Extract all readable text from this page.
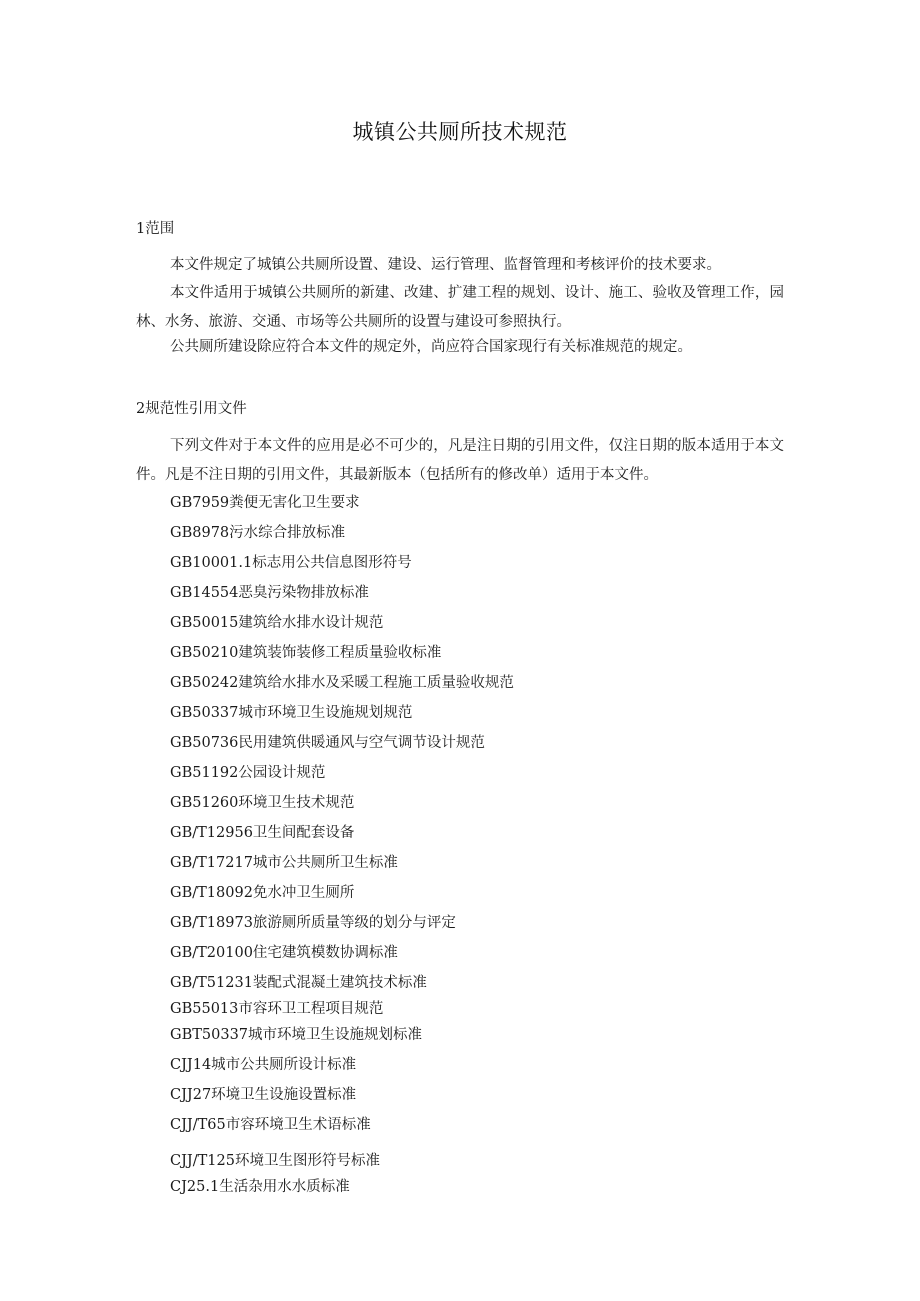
城镇公共厕所技术规范
1范围

本文件规定了城镇公共厕所设置、建设、运行管理、监督管理和考核评价的技术要求。

本文件适用于城镇公共厕所的新建、改建、扩建工程的规划、设计、施工、验收及管理工作，园林、水务、旅游、交通、市场等公共厕所的设置与建设可参照执行。

公共厕所建设除应符合本文件的规定外，尚应符合国家现行有关标准规范的规定。

2规范性引用文件

下列文件对于本文件的应用是必不可少的，凡是注日期的引用文件，仅注日期的版本适用于本文件。凡是不注日期的引用文件，其最新版本（包括所有的修改单）适用于本文件。

GB7959粪便无害化卫生要求
GB8978污水综合排放标准
GB10001.1标志用公共信息图形符号
GB14554恶臭污染物排放标准
GB50015建筑给水排水设计规范
GB50210建筑装饰装修工程质量验收标准
GB50242建筑给水排水及采暖工程施工质量验收规范
GB50337城市环境卫生设施规划规范
GB50736民用建筑供暖通风与空气调节设计规范
GB51192公园设计规范
GB51260环境卫生技术规范
GB/T12956卫生间配套设备
GB/T17217城市公共厕所卫生标准
GB/T18092免水冲卫生厕所
GB/T18973旅游厕所质量等级的划分与评定
GB/T20100住宅建筑模数协调标准
GB/T51231装配式混凝土建筑技术标准
GB55013市容环卫工程项目规范
GBT50337城市环境卫生设施规划标准
CJJ14城市公共厕所设计标准
CJJ27环境卫生设施设置标准
CJJ/T65市容环境卫生术语标准
CJJ/T125环境卫生图形符号标准
CJ25.1生活杂用水水质标准
